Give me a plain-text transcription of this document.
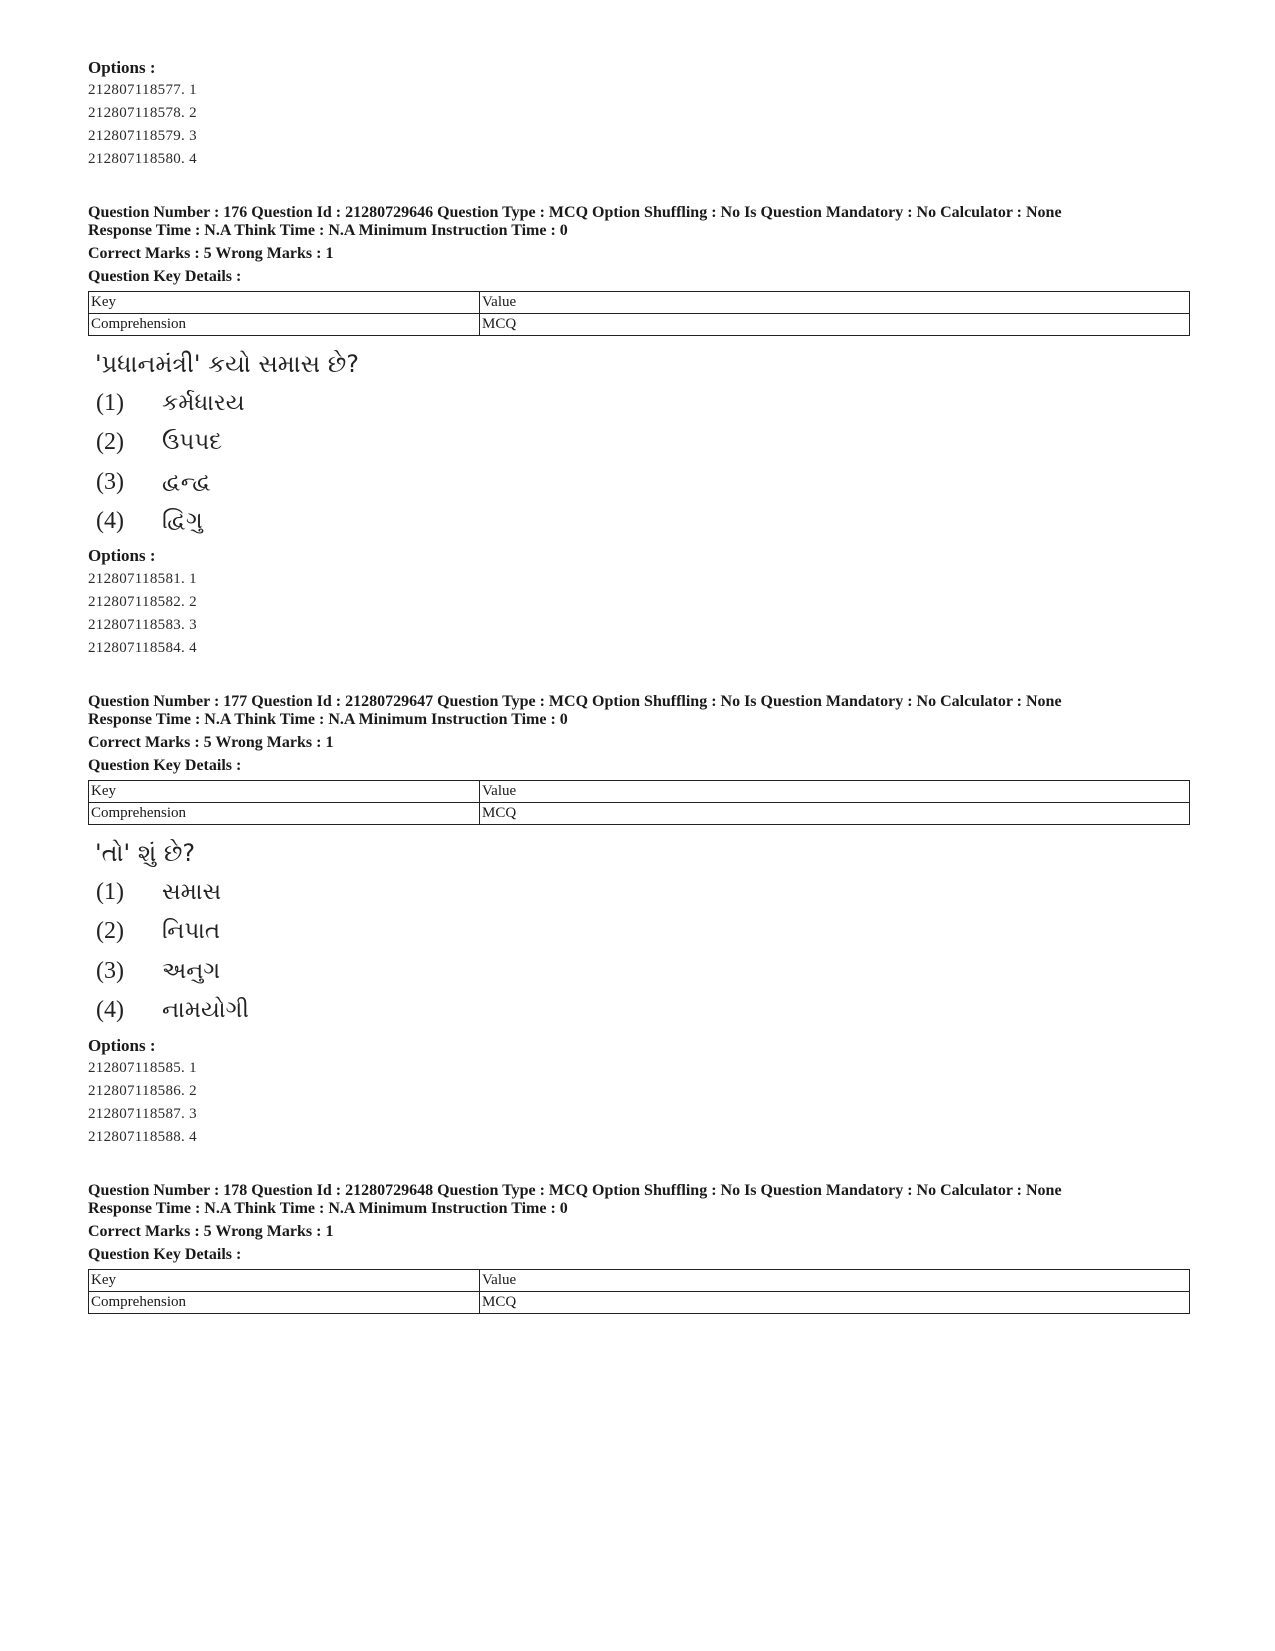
Options :
212807118577. 1
212807118578. 2
212807118579. 3
212807118580. 4
Question Number : 176 Question Id : 21280729646 Question Type : MCQ Option Shuffling : No Is Question Mandatory : No Calculator : None
Response Time : N.A Think Time : N.A Minimum Instruction Time : 0
Correct Marks : 5 Wrong Marks : 1
Question Key Details :
Key	Value
Comprehension	MCQ
'પ્રધાનમંત્રી' કયો સમાસ છે?
(1) કર્મધારય
(2) ઉપપદ
(3) દ્વન્દ્વ
(4) દ્વિગુ
Options :
212807118581. 1
212807118582. 2
212807118583. 3
212807118584. 4
Question Number : 177 Question Id : 21280729647 Question Type : MCQ Option Shuffling : No Is Question Mandatory : No Calculator : None
Response Time : N.A Think Time : N.A Minimum Instruction Time : 0
Correct Marks : 5 Wrong Marks : 1
Question Key Details :
Key	Value
Comprehension	MCQ
'તો' શું છે?
(1) સમાસ
(2) નિપાત
(3) અનુગ
(4) નામયોગી
Options :
212807118585. 1
212807118586. 2
212807118587. 3
212807118588. 4
Question Number : 178 Question Id : 21280729648 Question Type : MCQ Option Shuffling : No Is Question Mandatory : No Calculator : None
Response Time : N.A Think Time : N.A Minimum Instruction Time : 0
Correct Marks : 5 Wrong Marks : 1
Question Key Details :
Key	Value
Comprehension	MCQ
